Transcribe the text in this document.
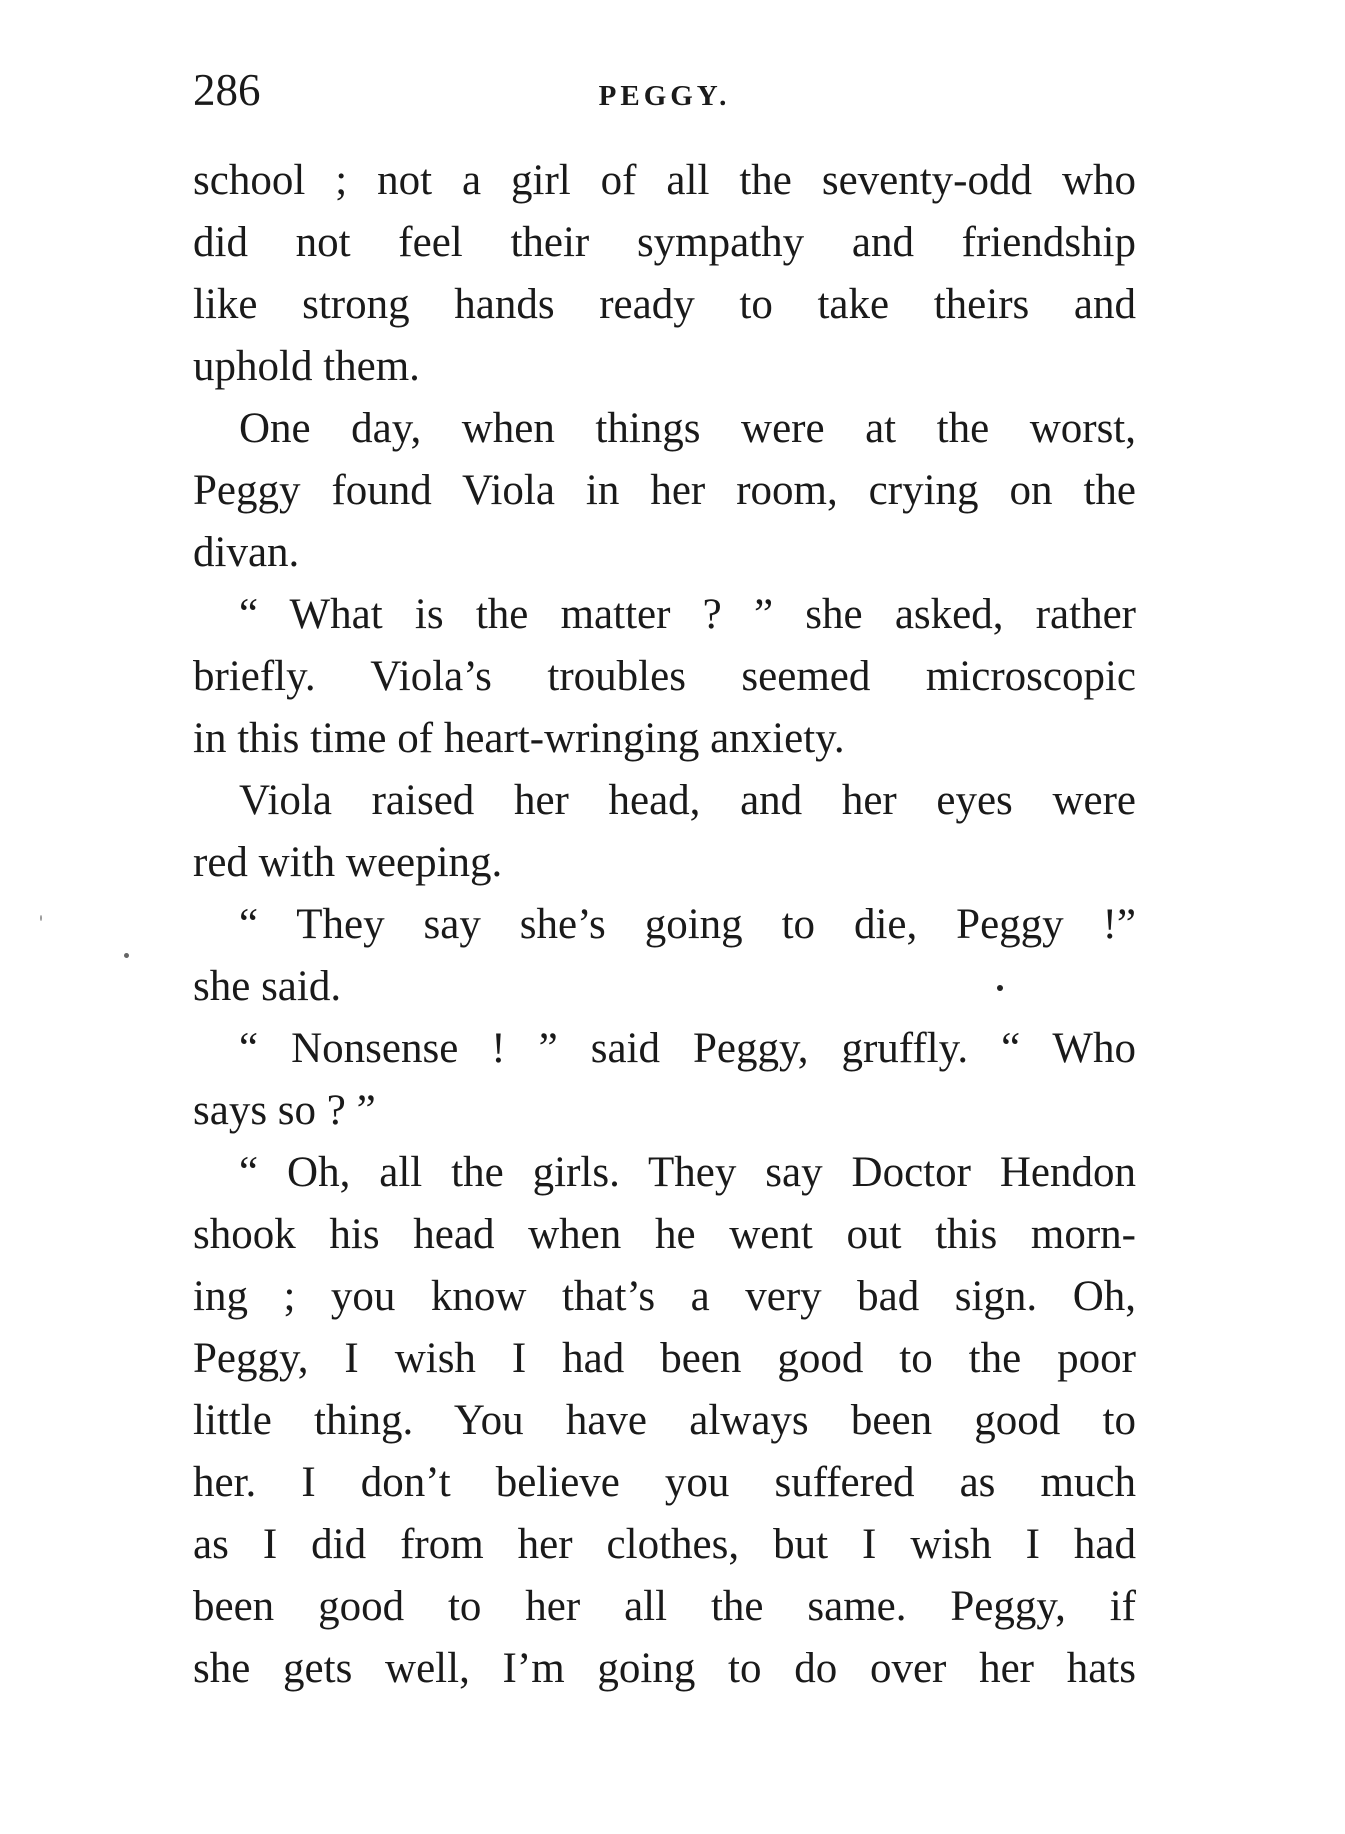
286	PEGGY.
school ; not a girl of all the seventy-odd who
did not feel their sympathy and friendship
like strong hands ready to take theirs and
uphold them.
One day, when things were at the worst,
Peggy found Viola in her room, crying on the
divan.
“ What is the matter ? ” she asked, rather
briefly. Viola’s troubles seemed microscopic
in this time of heart-wringing anxiety.
Viola raised her head, and her eyes were
red with weeping.
“ They say she’s going to die, Peggy !”
she said.
“ Nonsense ! ” said Peggy, gruffly. “ Who
says so ? ”
“ Oh, all the girls. They say Doctor Hendon
shook his head when he went out this morn-
ing ; you know that’s a very bad sign. Oh,
Peggy, I wish I had been good to the poor
little thing. You have always been good to
her. I don’t believe you suffered as much
as I did from her clothes, but I wish I had
been good to her all the same. Peggy, if
she gets well, I’m going to do over her hats
